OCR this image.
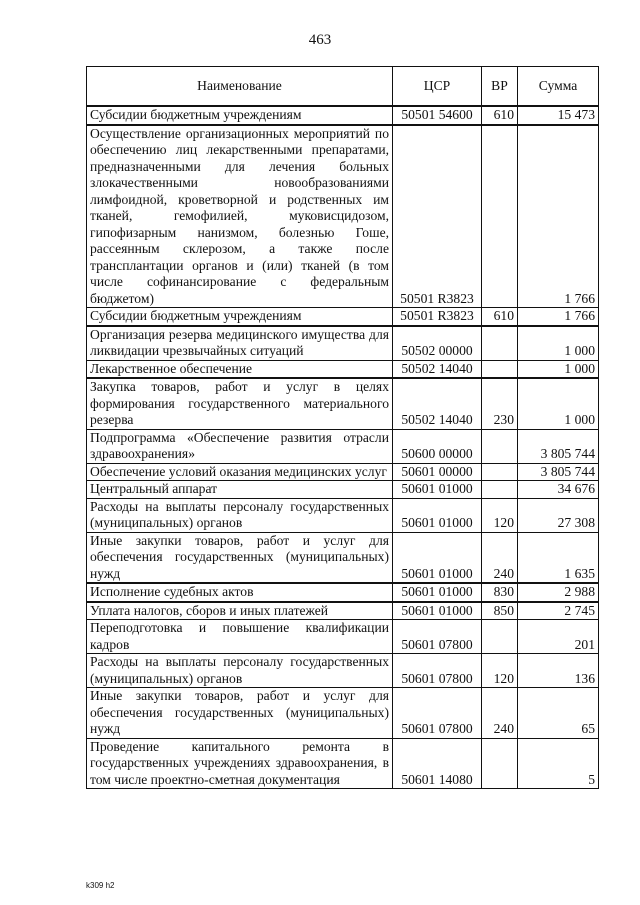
463
Наименование	ЦСР	ВР	Сумма
Субсидии бюджетным учреждениям	50501 54600	610	15 473
Осуществление организационных мероприятий по обеспечению лиц лекарственными препаратами, предназначенными для лечения больных злокачественными новообразованиями лимфоидной, кроветворной и родственных им тканей, гемофилией, муковисцидозом, гипофизарным нанизмом, болезнью Гоше, рассеянным склерозом, а также после трансплантации органов и (или) тканей (в том числе софинансирование с федеральным бюджетом)	50501 R3823		1 766
Субсидии бюджетным учреждениям	50501 R3823	610	1 766
Организация резерва медицинского имущества для ликвидации чрезвычайных ситуаций	50502 00000		1 000
Лекарственное обеспечение	50502 14040		1 000
Закупка товаров, работ и услуг в целях формирования государственного материального резерва	50502 14040	230	1 000
Подпрограмма «Обеспечение развития отрасли здравоохранения»	50600 00000		3 805 744
Обеспечение условий оказания медицинских услуг	50601 00000		3 805 744
Центральный аппарат	50601 01000		34 676
Расходы на выплаты персоналу государственных (муниципальных) органов	50601 01000	120	27 308
Иные закупки товаров, работ и услуг для обеспечения государственных (муниципальных) нужд	50601 01000	240	1 635
Исполнение судебных актов	50601 01000	830	2 988
Уплата налогов, сборов и иных платежей	50601 01000	850	2 745
Переподготовка и повышение квалификации кадров	50601 07800		201
Расходы на выплаты персоналу государственных (муниципальных) органов	50601 07800	120	136
Иные закупки товаров, работ и услуг для обеспечения государственных (муниципальных) нужд	50601 07800	240	65
Проведение капитального ремонта в государственных учреждениях здравоохранения, в том числе проектно-сметная документация	50601 14080		5
k309 h2
